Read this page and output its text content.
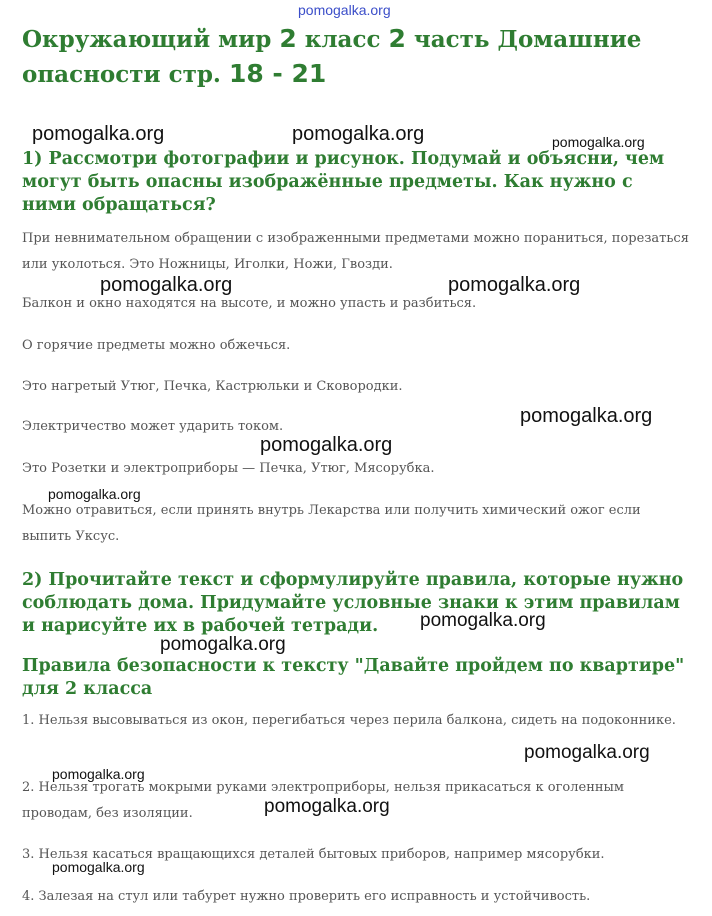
pomogalka.org
Окружающий мир 2 класс 2 часть Домашние опасности стр. 18 - 21
pomogalka.org	pomogalka.org	pomogalka.org
1) Рассмотри фотографии и рисунок. Подумай и объясни, чем могут быть опасны изображённые предметы. Как нужно с ними обращаться?

При невнимательном обращении с изображенными предметами можно пораниться, порезаться или уколоться. Это Ножницы, Иголки, Ножи, Гвозди.

pomogalka.org	pomogalka.org

Балкон и окно находятся на высоте, и можно упасть и разбиться.

О горячие предметы можно обжечься.

Это нагретый Утюг, Печка, Кастрюльки и Сковородки.

pomogalka.org

Электричество может ударить током.

pomogalka.org

Это Розетки и электроприборы — Печка, Утюг, Мясорубка.

pomogalka.org

Можно отравиться, если принять внутрь Лекарства или получить химический ожог если выпить Уксус.

2) Прочитайте текст и сформулируйте правила, которые нужно соблюдать дома. Придумайте условные знаки к этим правилам и нарисуйте их в рабочей тетради.	pomogalka.org
pomogalka.org
Правила безопасности к тексту "Давайте пройдем по квартире" для 2 класса

1. Нельзя высовываться из окон, перегибаться через перила балкона, сидеть на подоконнике.

pomogalka.org
pomogalka.org

2. Нельзя трогать мокрыми руками электроприборы, нельзя прикасаться к оголенным проводам, без изоляции.	pomogalka.org

3. Нельзя касаться вращающихся деталей бытовых приборов, например мясорубки.

pomogalka.org

4. Залезая на стул или табурет нужно проверить его исправность и устойчивость.
